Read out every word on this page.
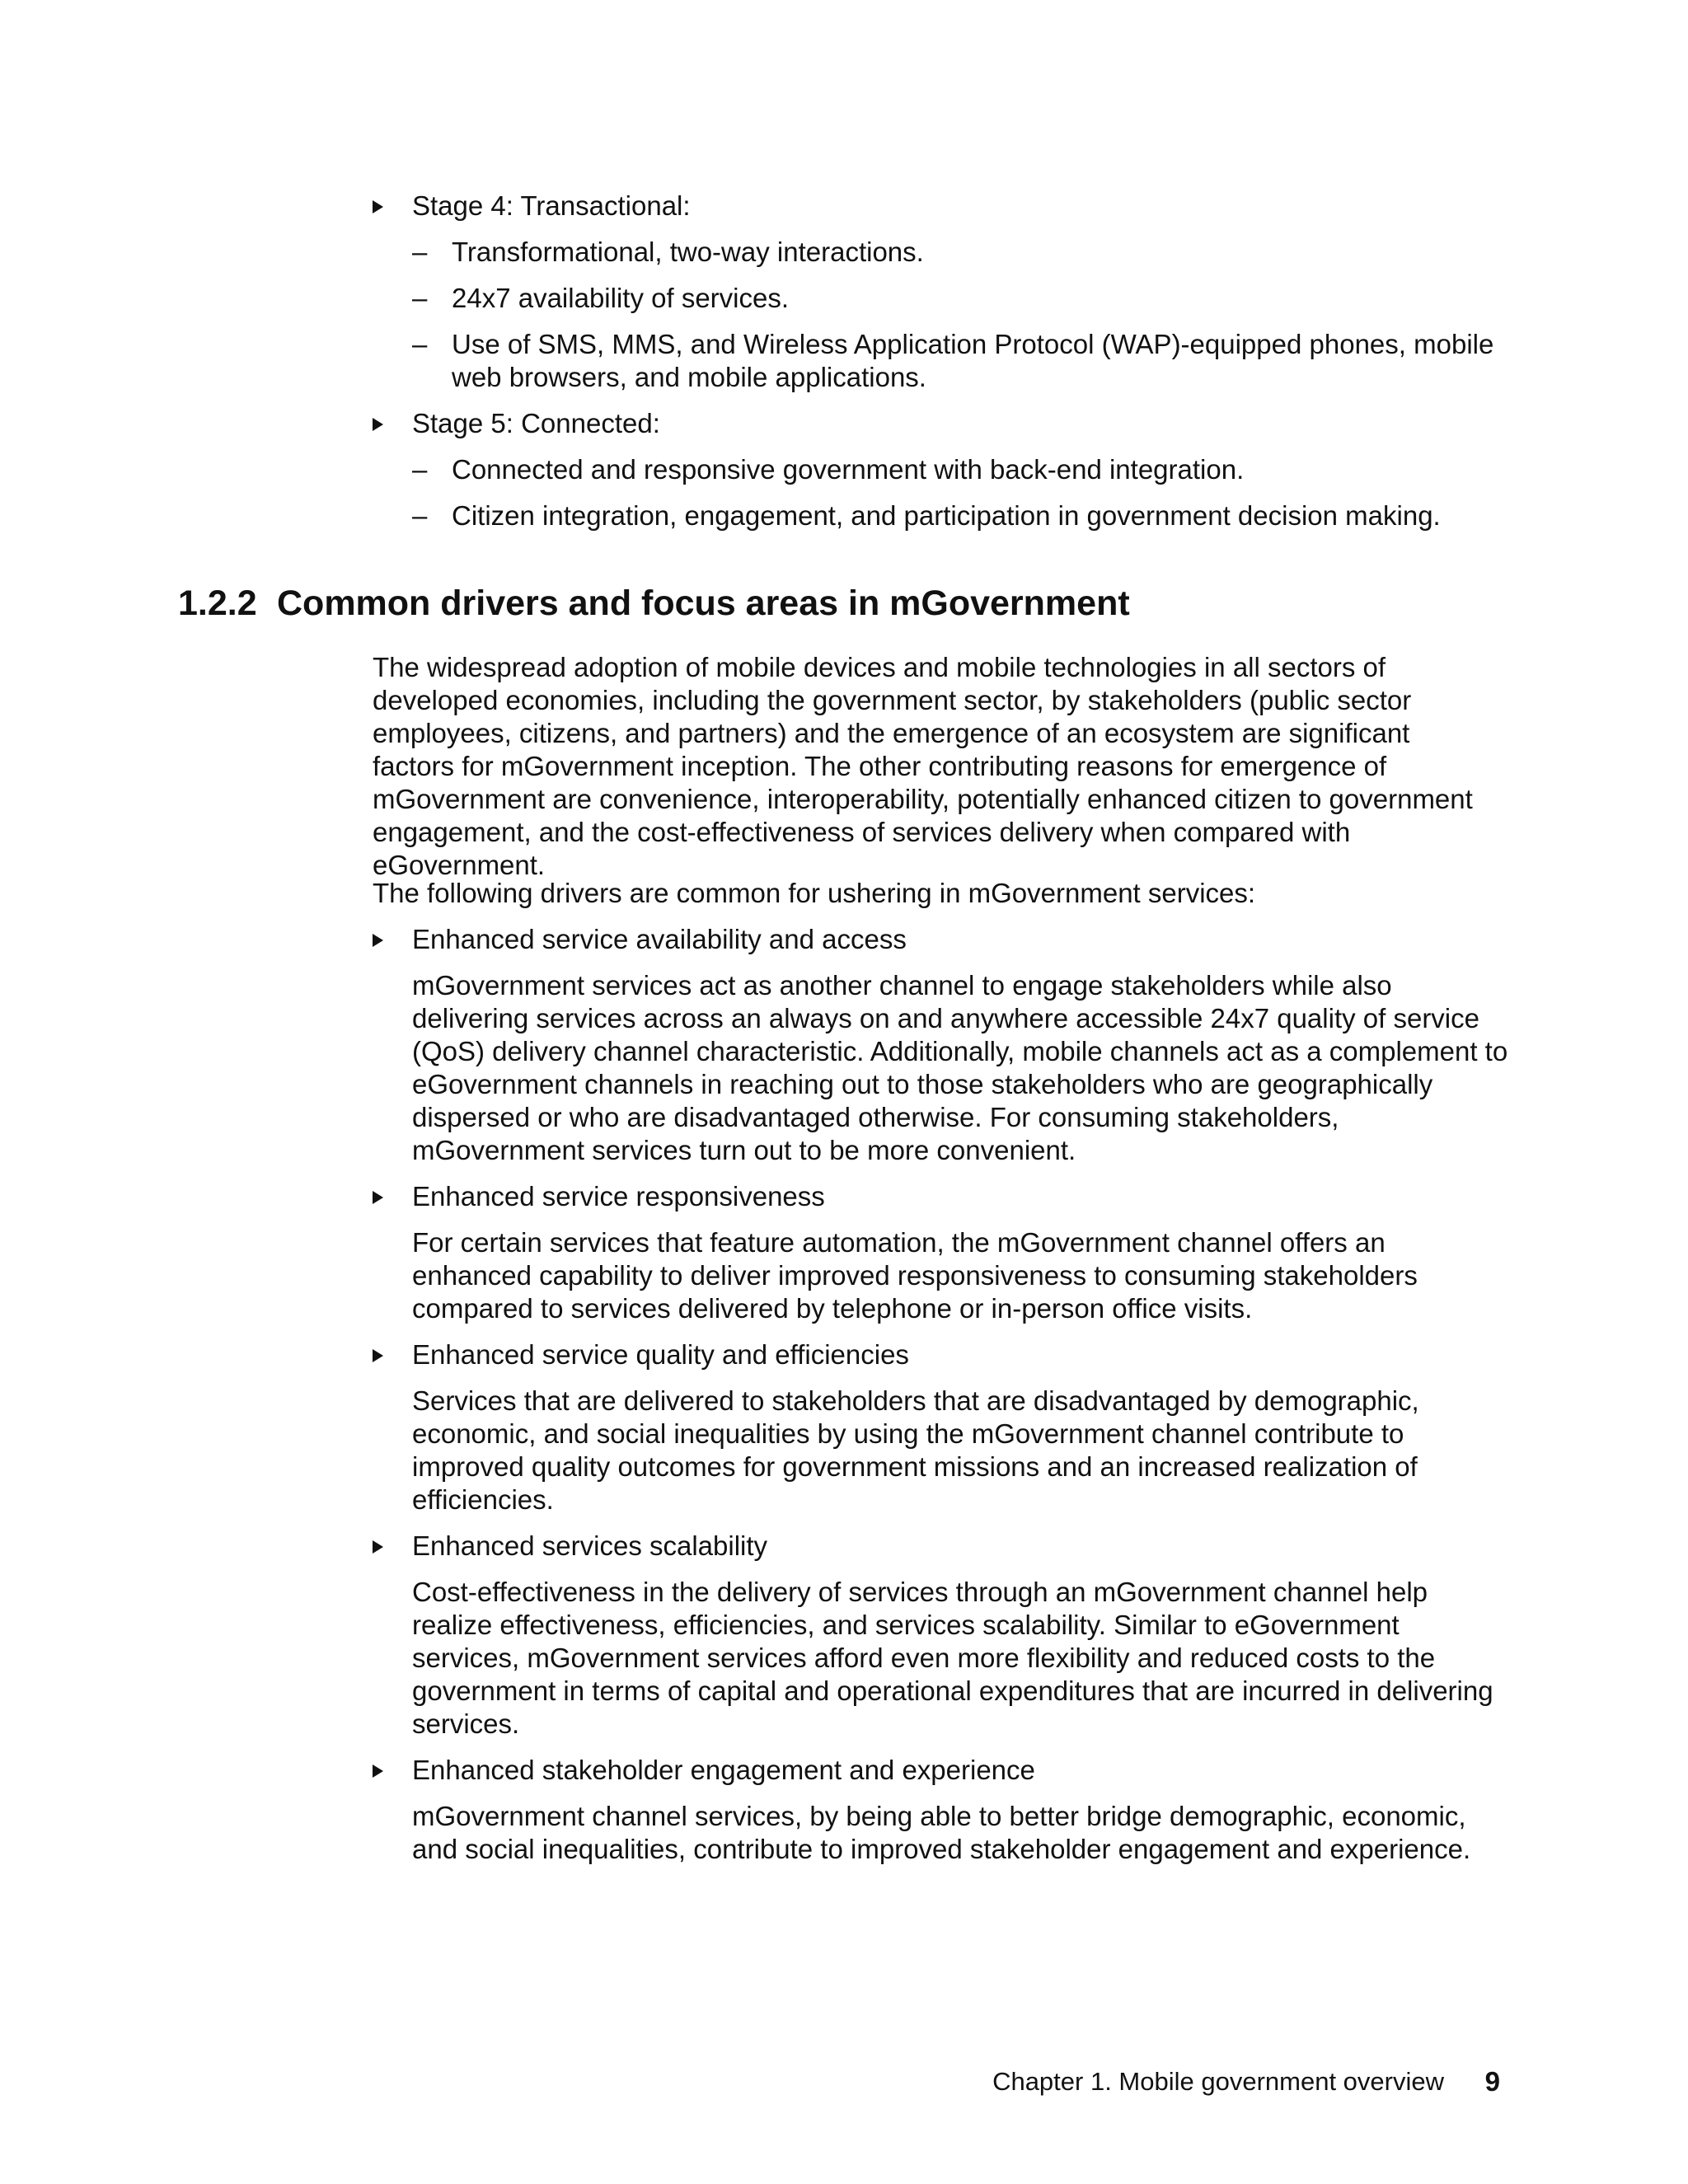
Stage 4: Transactional:
– Transformational, two-way interactions.
– 24x7 availability of services.
– Use of SMS, MMS, and Wireless Application Protocol (WAP)-equipped phones, mobile web browsers, and mobile applications.
Stage 5: Connected:
– Connected and responsive government with back-end integration.
– Citizen integration, engagement, and participation in government decision making.
1.2.2 Common drivers and focus areas in mGovernment

The widespread adoption of mobile devices and mobile technologies in all sectors of developed economies, including the government sector, by stakeholders (public sector employees, citizens, and partners) and the emergence of an ecosystem are significant factors for mGovernment inception. The other contributing reasons for emergence of mGovernment are convenience, interoperability, potentially enhanced citizen to government engagement, and the cost-effectiveness of services delivery when compared with eGovernment.

The following drivers are common for ushering in mGovernment services:

Enhanced service availability and access

mGovernment services act as another channel to engage stakeholders while also delivering services across an always on and anywhere accessible 24x7 quality of service (QoS) delivery channel characteristic. Additionally, mobile channels act as a complement to eGovernment channels in reaching out to those stakeholders who are geographically dispersed or who are disadvantaged otherwise. For consuming stakeholders, mGovernment services turn out to be more convenient.

Enhanced service responsiveness

For certain services that feature automation, the mGovernment channel offers an enhanced capability to deliver improved responsiveness to consuming stakeholders compared to services delivered by telephone or in-person office visits.

Enhanced service quality and efficiencies

Services that are delivered to stakeholders that are disadvantaged by demographic, economic, and social inequalities by using the mGovernment channel contribute to improved quality outcomes for government missions and an increased realization of efficiencies.

Enhanced services scalability

Cost-effectiveness in the delivery of services through an mGovernment channel help realize effectiveness, efficiencies, and services scalability. Similar to eGovernment services, mGovernment services afford even more flexibility and reduced costs to the government in terms of capital and operational expenditures that are incurred in delivering services.

Enhanced stakeholder engagement and experience

mGovernment channel services, by being able to better bridge demographic, economic, and social inequalities, contribute to improved stakeholder engagement and experience.

Chapter 1. Mobile government overview 9
